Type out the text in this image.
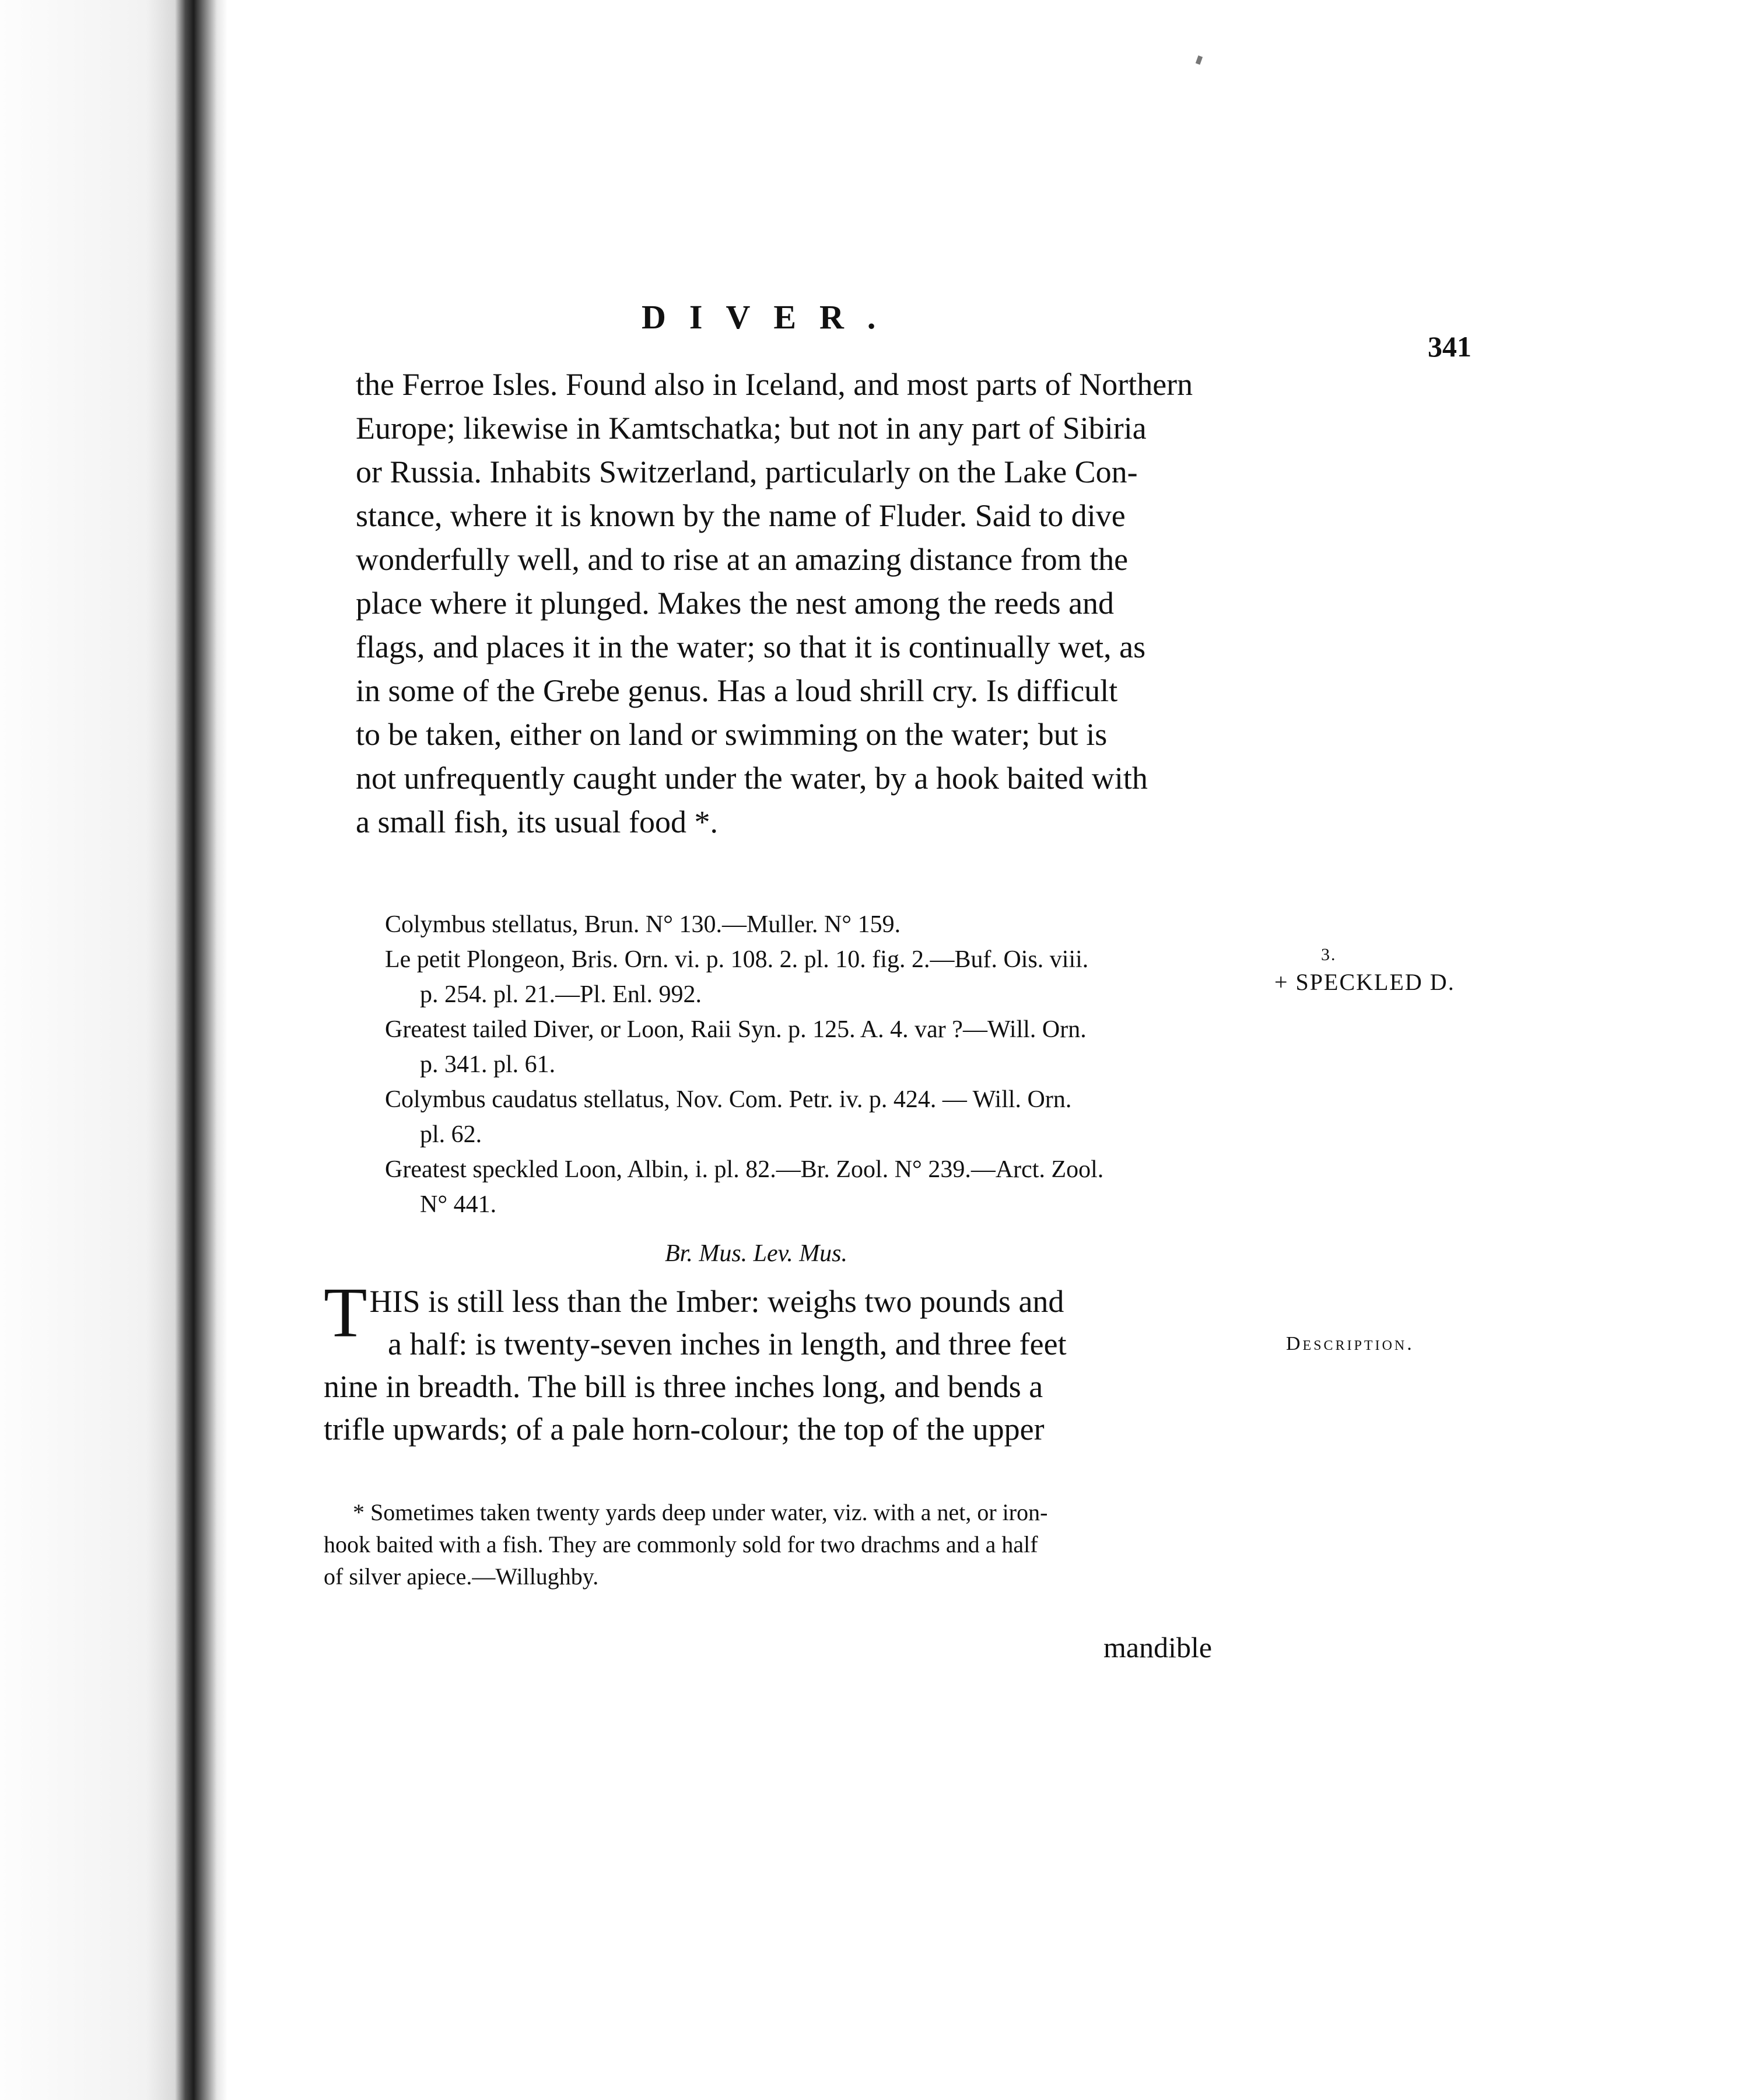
DIVER.
341
the Ferroe Isles. Found also in Iceland, and most parts of Northern
Europe; likewise in Kamtschatka; but not in any part of Sibiria
or Russia. Inhabits Switzerland, particularly on the Lake Con-
stance, where it is known by the name of Fluder. Said to dive
wonderfully well, and to rise at an amazing distance from the
place where it plunged. Makes the nest among the reeds and
flags, and places it in the water; so that it is continually wet, as
in some of the Grebe genus. Has a loud shrill cry. Is difficult
to be taken, either on land or swimming on the water; but is
not unfrequently caught under the water, by a hook baited with
a small fish, its usual food *.
Colymbus stellatus, Brun. N° 130.—Muller. N° 159.
Le petit Plongeon, Bris. Orn. vi. p. 108. 2. pl. 10. fig. 2.—Buf. Ois. viii.
p. 254. pl. 21.—Pl. Enl. 992.
Greatest tailed Diver, or Loon, Raii Syn. p. 125. A. 4. var ?—Will. Orn.
p. 341. pl. 61.
Colymbus caudatus stellatus, Nov. Com. Petr. iv. p. 424. — Will. Orn.
pl. 62.
Greatest speckled Loon, Albin, i. pl. 82.—Br. Zool. N° 239.—Arct. Zool.
N° 441.
Br. Mus. Lev. Mus.
3.
+ SPECKLED D.
Description.
T HIS is still less than the Imber: weighs two pounds and
a half: is twenty-seven inches in length, and three feet
nine in breadth. The bill is three inches long, and bends a
trifle upwards; of a pale horn-colour; the top of the upper
* Sometimes taken twenty yards deep under water, viz. with a net, or iron-
hook baited with a fish. They are commonly sold for two drachms and a half
of silver apiece.—Willughby.
mandible
